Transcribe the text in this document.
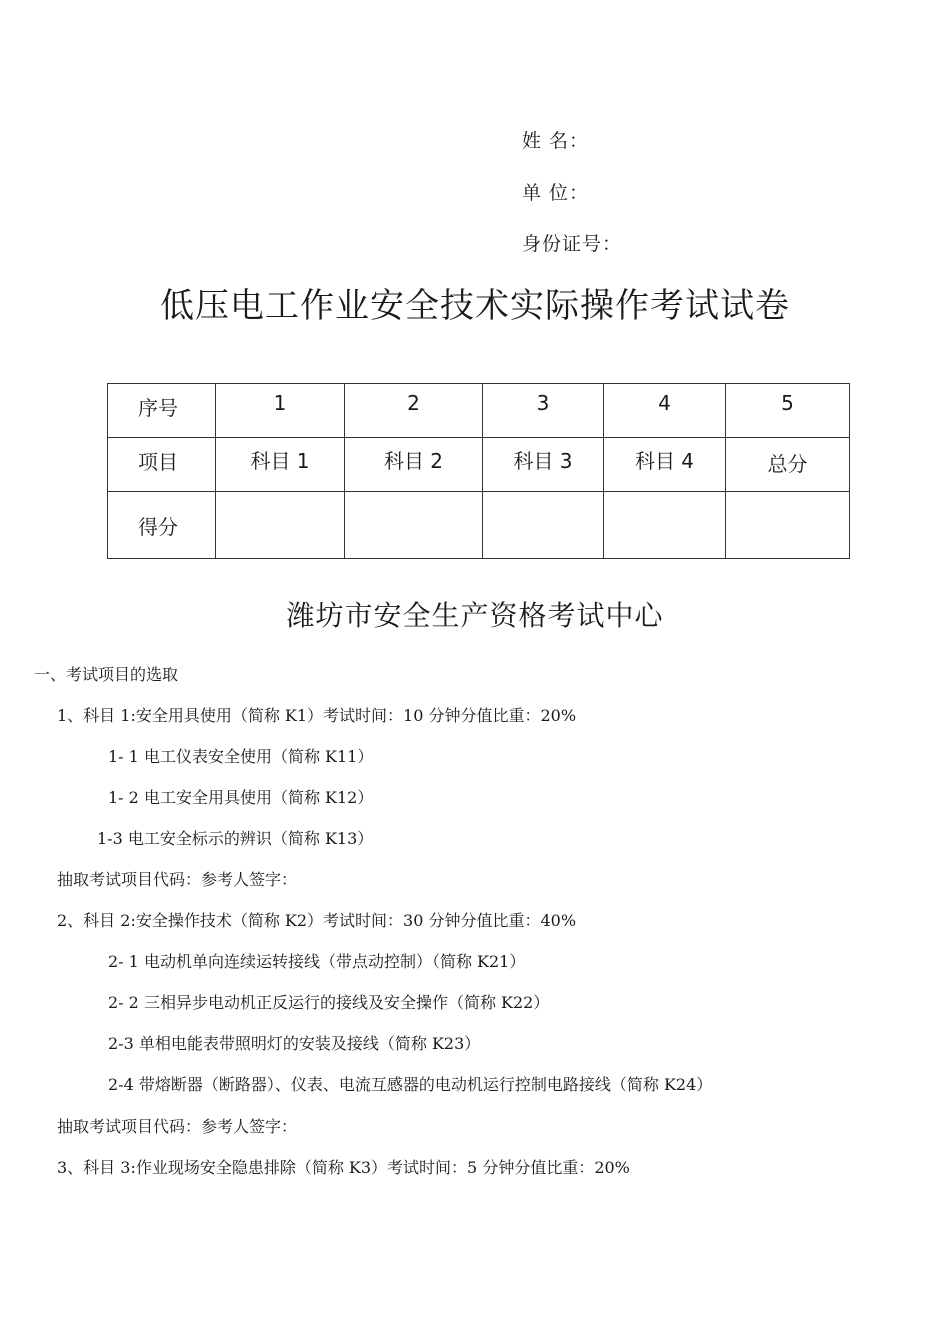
姓 名：
单 位：
身份证号：
低压电工作业安全技术实际操作考试试卷
序号	1	2	3	4	5

项目	科目 1	科目 2	科目 3	科目 4	总分

得分					

潍坊市安全生产资格考试中心
一、考试项目的选取
1、科目 1:安全用具使用（简称 K1）考试时间：10 分钟分值比重：20%
1- 1 电工仪表安全使用（简称 K11）
1- 2 电工安全用具使用（简称 K12）
1-3 电工安全标示的辨识（简称 K13）
抽取考试项目代码：参考人签字：
2、科目 2:安全操作技术（简称 K2）考试时间：30 分钟分值比重：40%
2- 1 电动机单向连续运转接线（带点动控制）（简称 K21）
2- 2 三相异步电动机正反运行的接线及安全操作（简称 K22）
2-3 单相电能表带照明灯的安装及接线（简称 K23）
2-4 带熔断器（断路器）、仪表、电流互感器的电动机运行控制电路接线（简称 K24）
抽取考试项目代码：参考人签字：
3、科目 3:作业现场安全隐患排除（简称 K3）考试时间：5 分钟分值比重：20%
